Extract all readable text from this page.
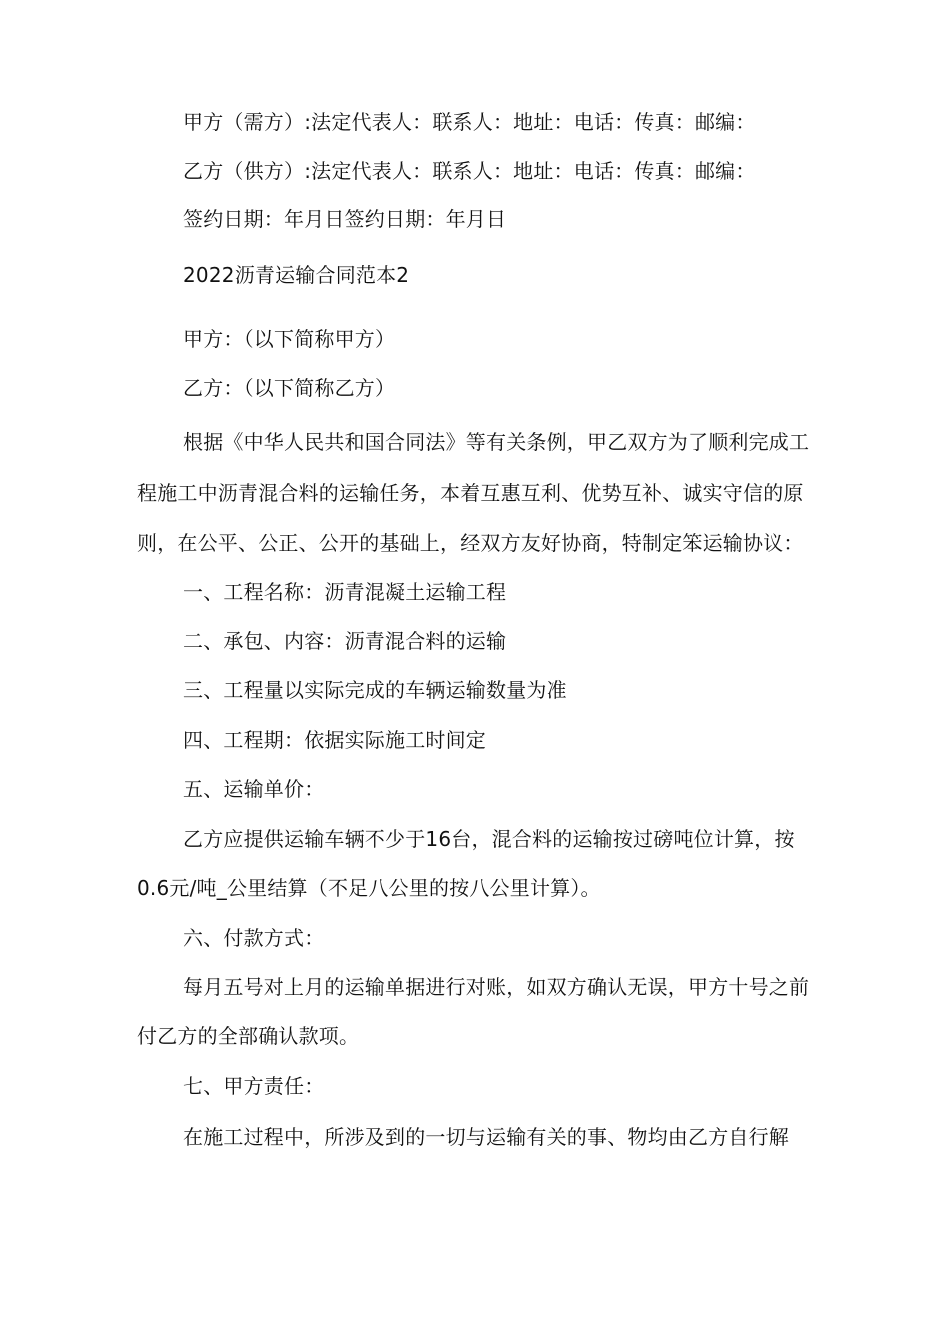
甲方（需方）:法定代表人：联系人：地址：电话：传真：邮编：
乙方（供方）:法定代表人：联系人：地址：电话：传真：邮编：
签约日期：年月日签约日期：年月日
2022沥青运输合同范本2
甲方：（以下简称甲方）
乙方：（以下简称乙方）
根据《中华人民共和国合同法》等有关条例，甲乙双方为了顺利完成工
程施工中沥青混合料的运输任务，本着互惠互利、优势互补、诚实守信的原
则，在公平、公正、公开的基础上，经双方友好协商，特制定笨运输协议：
一、工程名称：沥青混凝土运输工程
二、承包、内容：沥青混合料的运输
三、工程量以实际完成的车辆运输数量为准
四、工程期：依据实际施工时间定
五、运输单价：
乙方应提供运输车辆不少于16台，混合料的运输按过磅吨位计算，按
0.6元/吨_公里结算（不足八公里的按八公里计算）。
六、付款方式：
每月五号对上月的运输单据进行对账，如双方确认无误，甲方十号之前
付乙方的全部确认款项。
七、甲方责任：
在施工过程中，所涉及到的一切与运输有关的事、物均由乙方自行解
